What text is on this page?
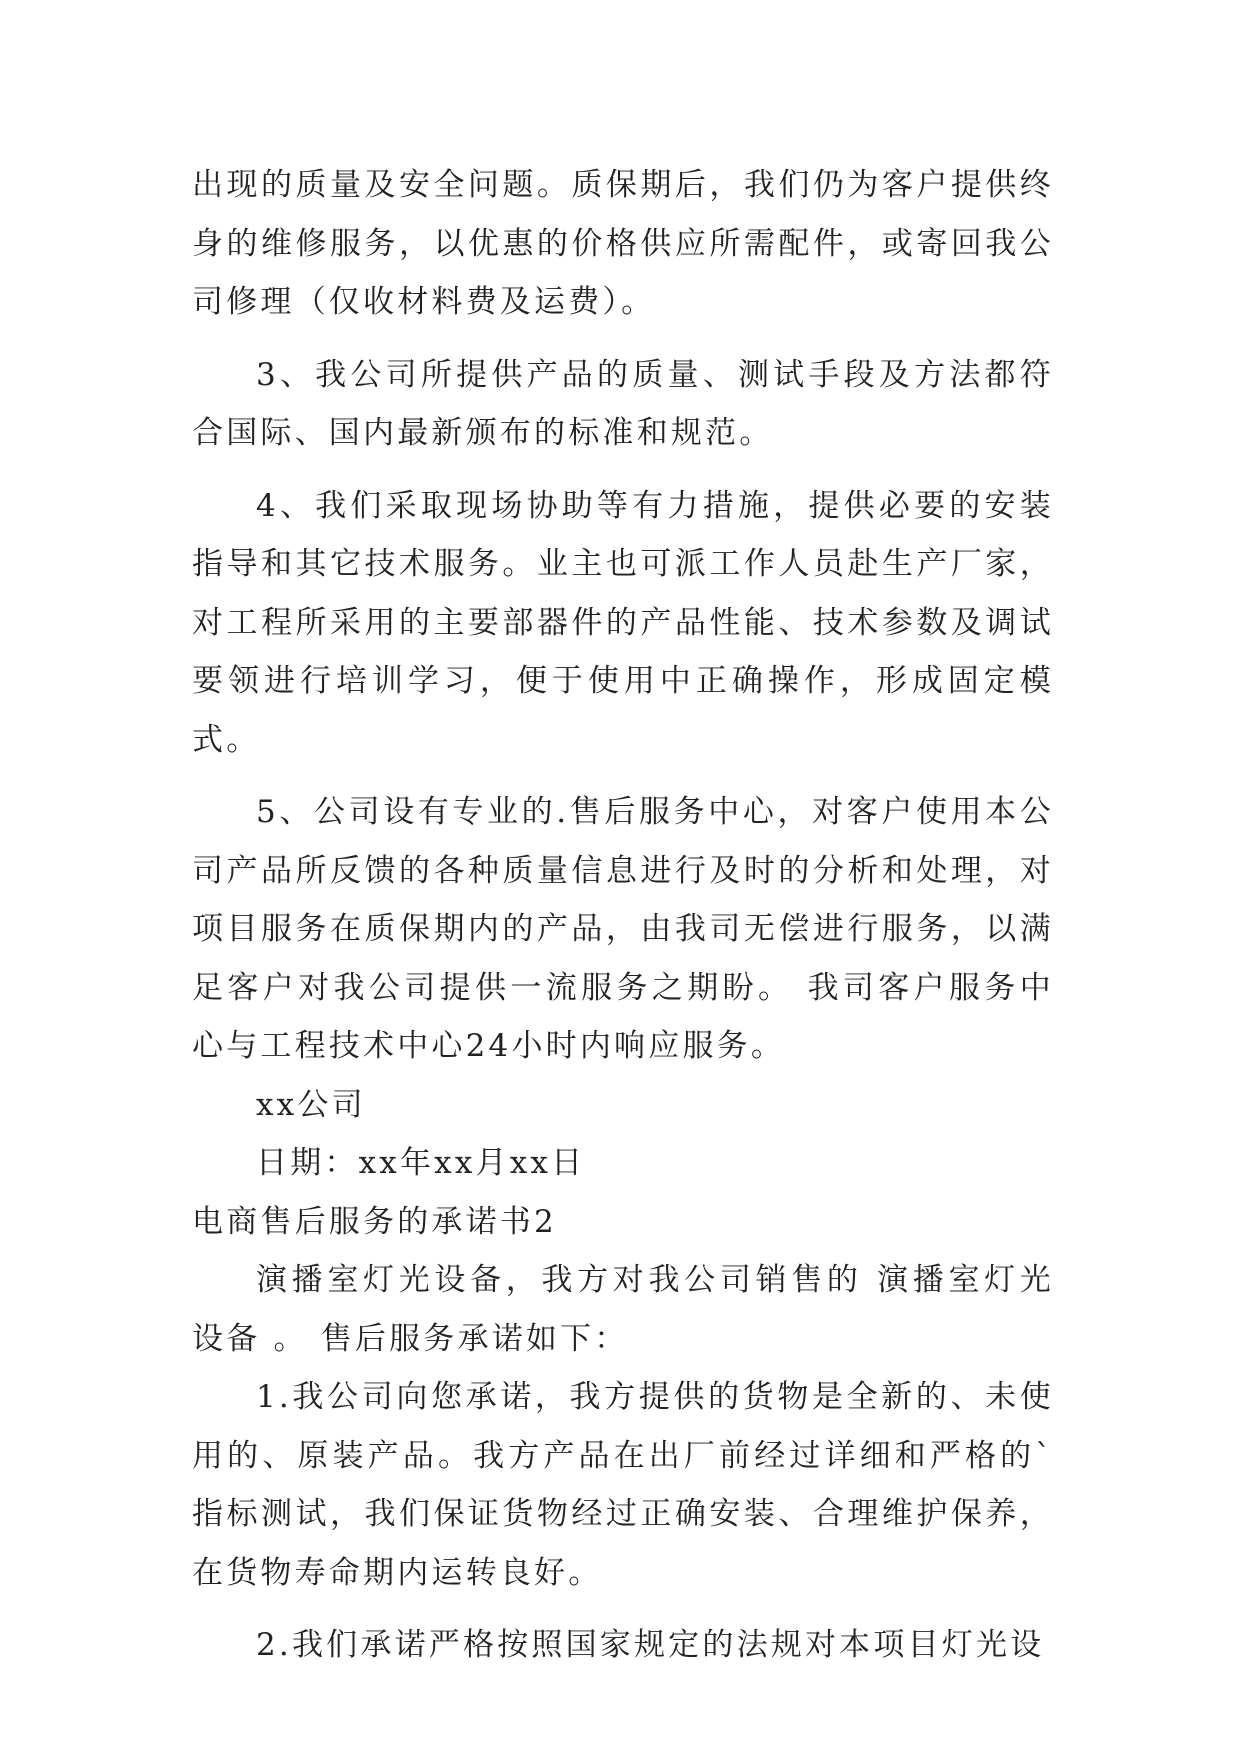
出现的质量及安全问题。质保期后，我们仍为客户提供终身的维修服务，以优惠的价格供应所需配件，或寄回我公司修理（仅收材料费及运费）。

3、我公司所提供产品的质量、测试手段及方法都符合国际、国内最新颁布的标准和规范。

4、我们采取现场协助等有力措施，提供必要的安装指导和其它技术服务。业主也可派工作人员赴生产厂家，对工程所采用的主要部器件的产品性能、技术参数及调试要领进行培训学习，便于使用中正确操作，形成固定模式。

5、公司设有专业的.售后服务中心，对客户使用本公司产品所反馈的各种质量信息进行及时的分析和处理，对项目服务在质保期内的产品，由我司无偿进行服务，以满足客户对我公司提供一流服务之期盼。 我司客户服务中心与工程技术中心24小时内响应服务。

xx公司

日期：xx年xx月xx日

电商售后服务的承诺书2

演播室灯光设备，我方对我公司销售的 演播室灯光设备 。 售后服务承诺如下：

1.我公司向您承诺，我方提供的货物是全新的、未使用的、原装产品。我方产品在出厂前经过详细和严格的`指标测试，我们保证货物经过正确安装、合理维护保养，在货物寿命期内运转良好。

2.我们承诺严格按照国家规定的法规对本项目灯光设
